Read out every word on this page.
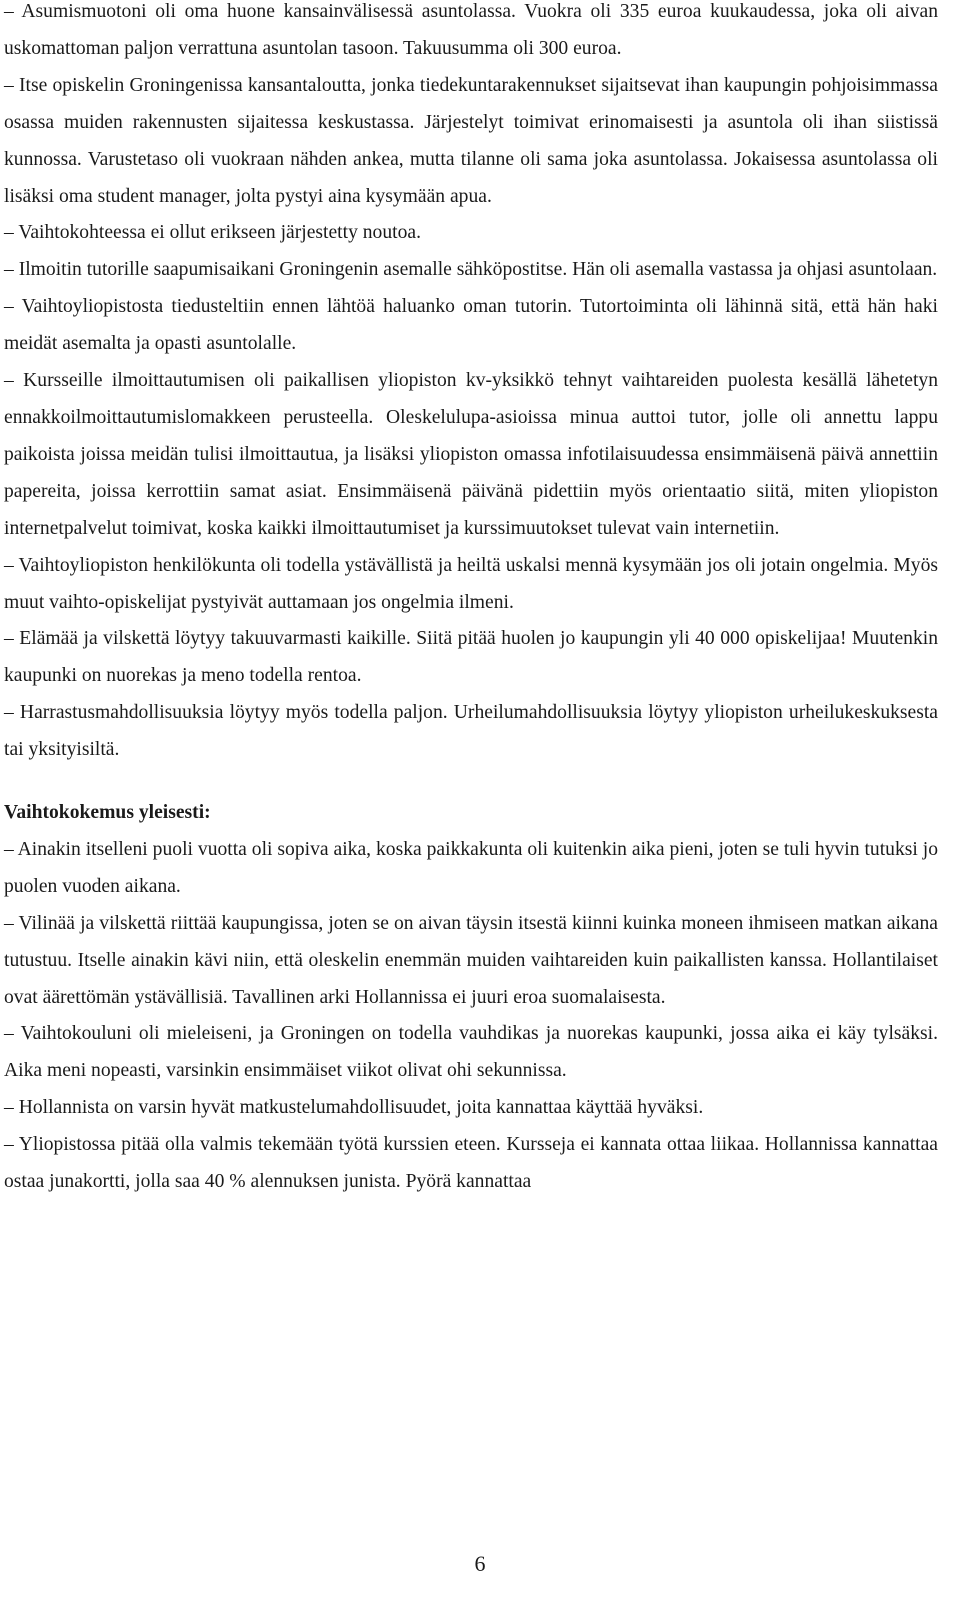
– Asumismuotoni oli oma huone kansainvälisessä asuntolassa. Vuokra oli 335 euroa kuukaudessa, joka oli aivan uskomattoman paljon verrattuna asuntolan tasoon. Takuusumma oli 300 euroa.

– Itse opiskelin Groningenissa kansantaloutta, jonka tiedekuntarakennukset sijaitsevat ihan kaupungin pohjoisimmassa osassa muiden rakennusten sijaitessa keskustassa. Järjestelyt toimivat erinomaisesti ja asuntola oli ihan siistissä kunnossa. Varustetaso oli vuokraan nähden ankea, mutta tilanne oli sama joka asuntolassa. Jokaisessa asuntolassa oli lisäksi oma student manager, jolta pystyi aina kysymään apua.

– Vaihtokohteessa ei ollut erikseen järjestetty noutoa.

– Ilmoitin tutorille saapumisaikani Groningenin asemalle sähköpostitse. Hän oli asemalla vastassa ja ohjasi asuntolaan.

– Vaihtoyliopistosta tiedusteltiin ennen lähtöä haluanko oman tutorin. Tutortoiminta oli lähinnä sitä, että hän haki meidät asemalta ja opasti asuntolalle.

– Kursseille ilmoittautumisen oli paikallisen yliopiston kv-yksikkö tehnyt vaihtareiden puolesta kesällä lähetetyn ennakkoilmoittautumislomakkeen perusteella. Oleskelulupa-asioissa minua auttoi tutor, jolle oli annettu lappu paikoista joissa meidän tulisi ilmoittautua, ja lisäksi yliopiston omassa infotilaisuudessa ensimmäisenä päivä annettiin papereita, joissa kerrottiin samat asiat. Ensimmäisenä päivänä pidettiin myös orientaatio siitä, miten yliopiston internetpalvelut toimivat, koska kaikki ilmoittautumiset ja kurssimuutokset tulevat vain internetiin.

– Vaihtoyliopiston henkilökunta oli todella ystävällistä ja heiltä uskalsi mennä kysymään jos oli jotain ongelmia. Myös muut vaihto-opiskelijat pystyivät auttamaan jos ongelmia ilmeni.

– Elämää ja vilskettä löytyy takuuvarmasti kaikille. Siitä pitää huolen jo kaupungin yli 40 000 opiskelijaa! Muutenkin kaupunki on nuorekas ja meno todella rentoa.

– Harrastusmahdollisuuksia löytyy myös todella paljon. Urheilumahdollisuuksia löytyy yliopiston urheilukeskuksesta tai yksityisiltä.

Vaihtokokemus yleisesti:

– Ainakin itselleni puoli vuotta oli sopiva aika, koska paikkakunta oli kuitenkin aika pieni, joten se tuli hyvin tutuksi jo puolen vuoden aikana.

– Vilinää ja vilskettä riittää kaupungissa, joten se on aivan täysin itsestä kiinni kuinka moneen ihmiseen matkan aikana tutustuu. Itselle ainakin kävi niin, että oleskelin enemmän muiden vaihtareiden kuin paikallisten kanssa. Hollantilaiset ovat äärettömän ystävällisiä. Tavallinen arki Hollannissa ei juuri eroa suomalaisesta.

– Vaihtokouluni oli mieleiseni, ja Groningen on todella vauhdikas ja nuorekas kaupunki, jossa aika ei käy tylsäksi. Aika meni nopeasti, varsinkin ensimmäiset viikot olivat ohi sekunnissa.

– Hollannista on varsin hyvät matkustelumahdollisuudet, joita kannattaa käyttää hyväksi.

– Yliopistossa pitää olla valmis tekemään työtä kurssien eteen. Kursseja ei kannata ottaa liikaa. Hollannissa kannattaa ostaa junakortti, jolla saa 40 % alennuksen junista. Pyörä kannattaa

6
